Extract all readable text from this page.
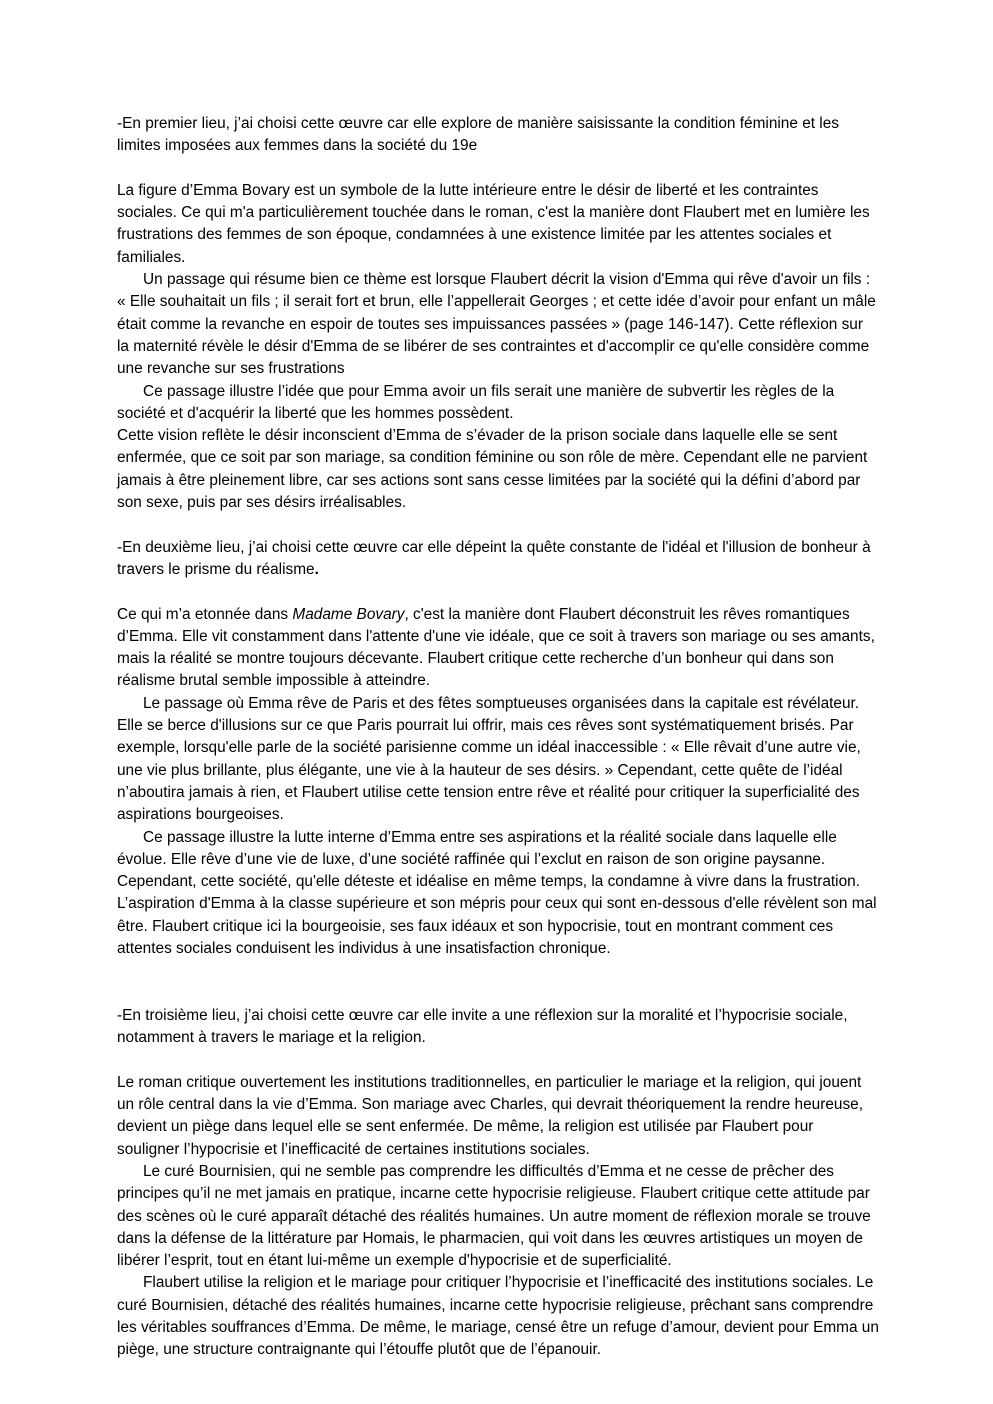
-En premier lieu, j’ai choisi cette œuvre car elle explore de manière saisissante la condition féminine et les limites imposées aux femmes dans la société du 19e

La figure d’Emma Bovary est un symbole de la lutte intérieure entre le désir de liberté et les contraintes sociales. Ce qui m'a particulièrement touchée dans le roman, c'est la manière dont Flaubert met en lumière les frustrations des femmes de son époque, condamnées à une existence limitée par les attentes sociales et familiales.

Un passage qui résume bien ce thème est lorsque Flaubert décrit la vision d'Emma qui rêve d'avoir un fils : « Elle souhaitait un fils ; il serait fort et brun, elle l’appellerait Georges ; et cette idée d’avoir pour enfant un mâle était comme la revanche en espoir de toutes ses impuissances passées » (page 146-147). Cette réflexion sur la maternité révèle le désir d'Emma de se libérer de ses contraintes et d'accomplir ce qu'elle considère comme une revanche sur ses frustrations

Ce passage illustre l’idée que pour Emma avoir un fils serait une manière de subvertir les règles de la société et d'acquérir la liberté que les hommes possèdent.

Cette vision reflète le désir inconscient d’Emma de s’évader de la prison sociale dans laquelle elle se sent enfermée, que ce soit par son mariage, sa condition féminine ou son rôle de mère. Cependant elle ne parvient jamais à être pleinement libre, car ses actions sont sans cesse limitées par la société qui la défini d’abord par son sexe, puis par ses désirs irréalisables.

-En deuxième lieu, j’ai choisi cette œuvre car elle dépeint la quête constante de l'idéal et l'illusion de bonheur à travers le prisme du réalisme.

Ce qui m’a etonnée dans Madame Bovary, c'est la manière dont Flaubert déconstruit les rêves romantiques d’Emma. Elle vit constamment dans l'attente d'une vie idéale, que ce soit à travers son mariage ou ses amants, mais la réalité se montre toujours décevante. Flaubert critique cette recherche d’un bonheur qui dans son réalisme brutal semble impossible à atteindre.

Le passage où Emma rêve de Paris et des fêtes somptueuses organisées dans la capitale est révélateur. Elle se berce d'illusions sur ce que Paris pourrait lui offrir, mais ces rêves sont systématiquement brisés. Par exemple, lorsqu'elle parle de la société parisienne comme un idéal inaccessible : « Elle rêvait d’une autre vie, une vie plus brillante, plus élégante, une vie à la hauteur de ses désirs. » Cependant, cette quête de l’idéal n’aboutira jamais à rien, et Flaubert utilise cette tension entre rêve et réalité pour critiquer la superficialité des aspirations bourgeoises.

Ce passage illustre la lutte interne d’Emma entre ses aspirations et la réalité sociale dans laquelle elle évolue. Elle rêve d’une vie de luxe, d’une société raffinée qui l’exclut en raison de son origine paysanne. Cependant, cette société, qu'elle déteste et idéalise en même temps, la condamne à vivre dans la frustration. L’aspiration d'Emma à la classe supérieure et son mépris pour ceux qui sont en-dessous d'elle révèlent son mal être. Flaubert critique ici la bourgeoisie, ses faux idéaux et son hypocrisie, tout en montrant comment ces attentes sociales conduisent les individus à une insatisfaction chronique.

-En troisième lieu, j’ai choisi cette œuvre car elle invite a une réflexion sur la moralité et l’hypocrisie sociale, notamment à travers le mariage et la religion.

Le roman critique ouvertement les institutions traditionnelles, en particulier le mariage et la religion, qui jouent un rôle central dans la vie d’Emma. Son mariage avec Charles, qui devrait théoriquement la rendre heureuse, devient un piège dans lequel elle se sent enfermée. De même, la religion est utilisée par Flaubert pour souligner l’hypocrisie et l’inefficacité de certaines institutions sociales.

Le curé Bournisien, qui ne semble pas comprendre les difficultés d’Emma et ne cesse de prêcher des principes qu’il ne met jamais en pratique, incarne cette hypocrisie religieuse. Flaubert critique cette attitude par des scènes où le curé apparaît détaché des réalités humaines. Un autre moment de réflexion morale se trouve dans la défense de la littérature par Homais, le pharmacien, qui voit dans les œuvres artistiques un moyen de libérer l’esprit, tout en étant lui-même un exemple d'hypocrisie et de superficialité.

Flaubert utilise la religion et le mariage pour critiquer l’hypocrisie et l’inefficacité des institutions sociales. Le curé Bournisien, détaché des réalités humaines, incarne cette hypocrisie religieuse, prêchant sans comprendre les véritables souffrances d’Emma. De même, le mariage, censé être un refuge d’amour, devient pour Emma un piège, une structure contraignante qui l’étouffe plutôt que de l’épanouir.
